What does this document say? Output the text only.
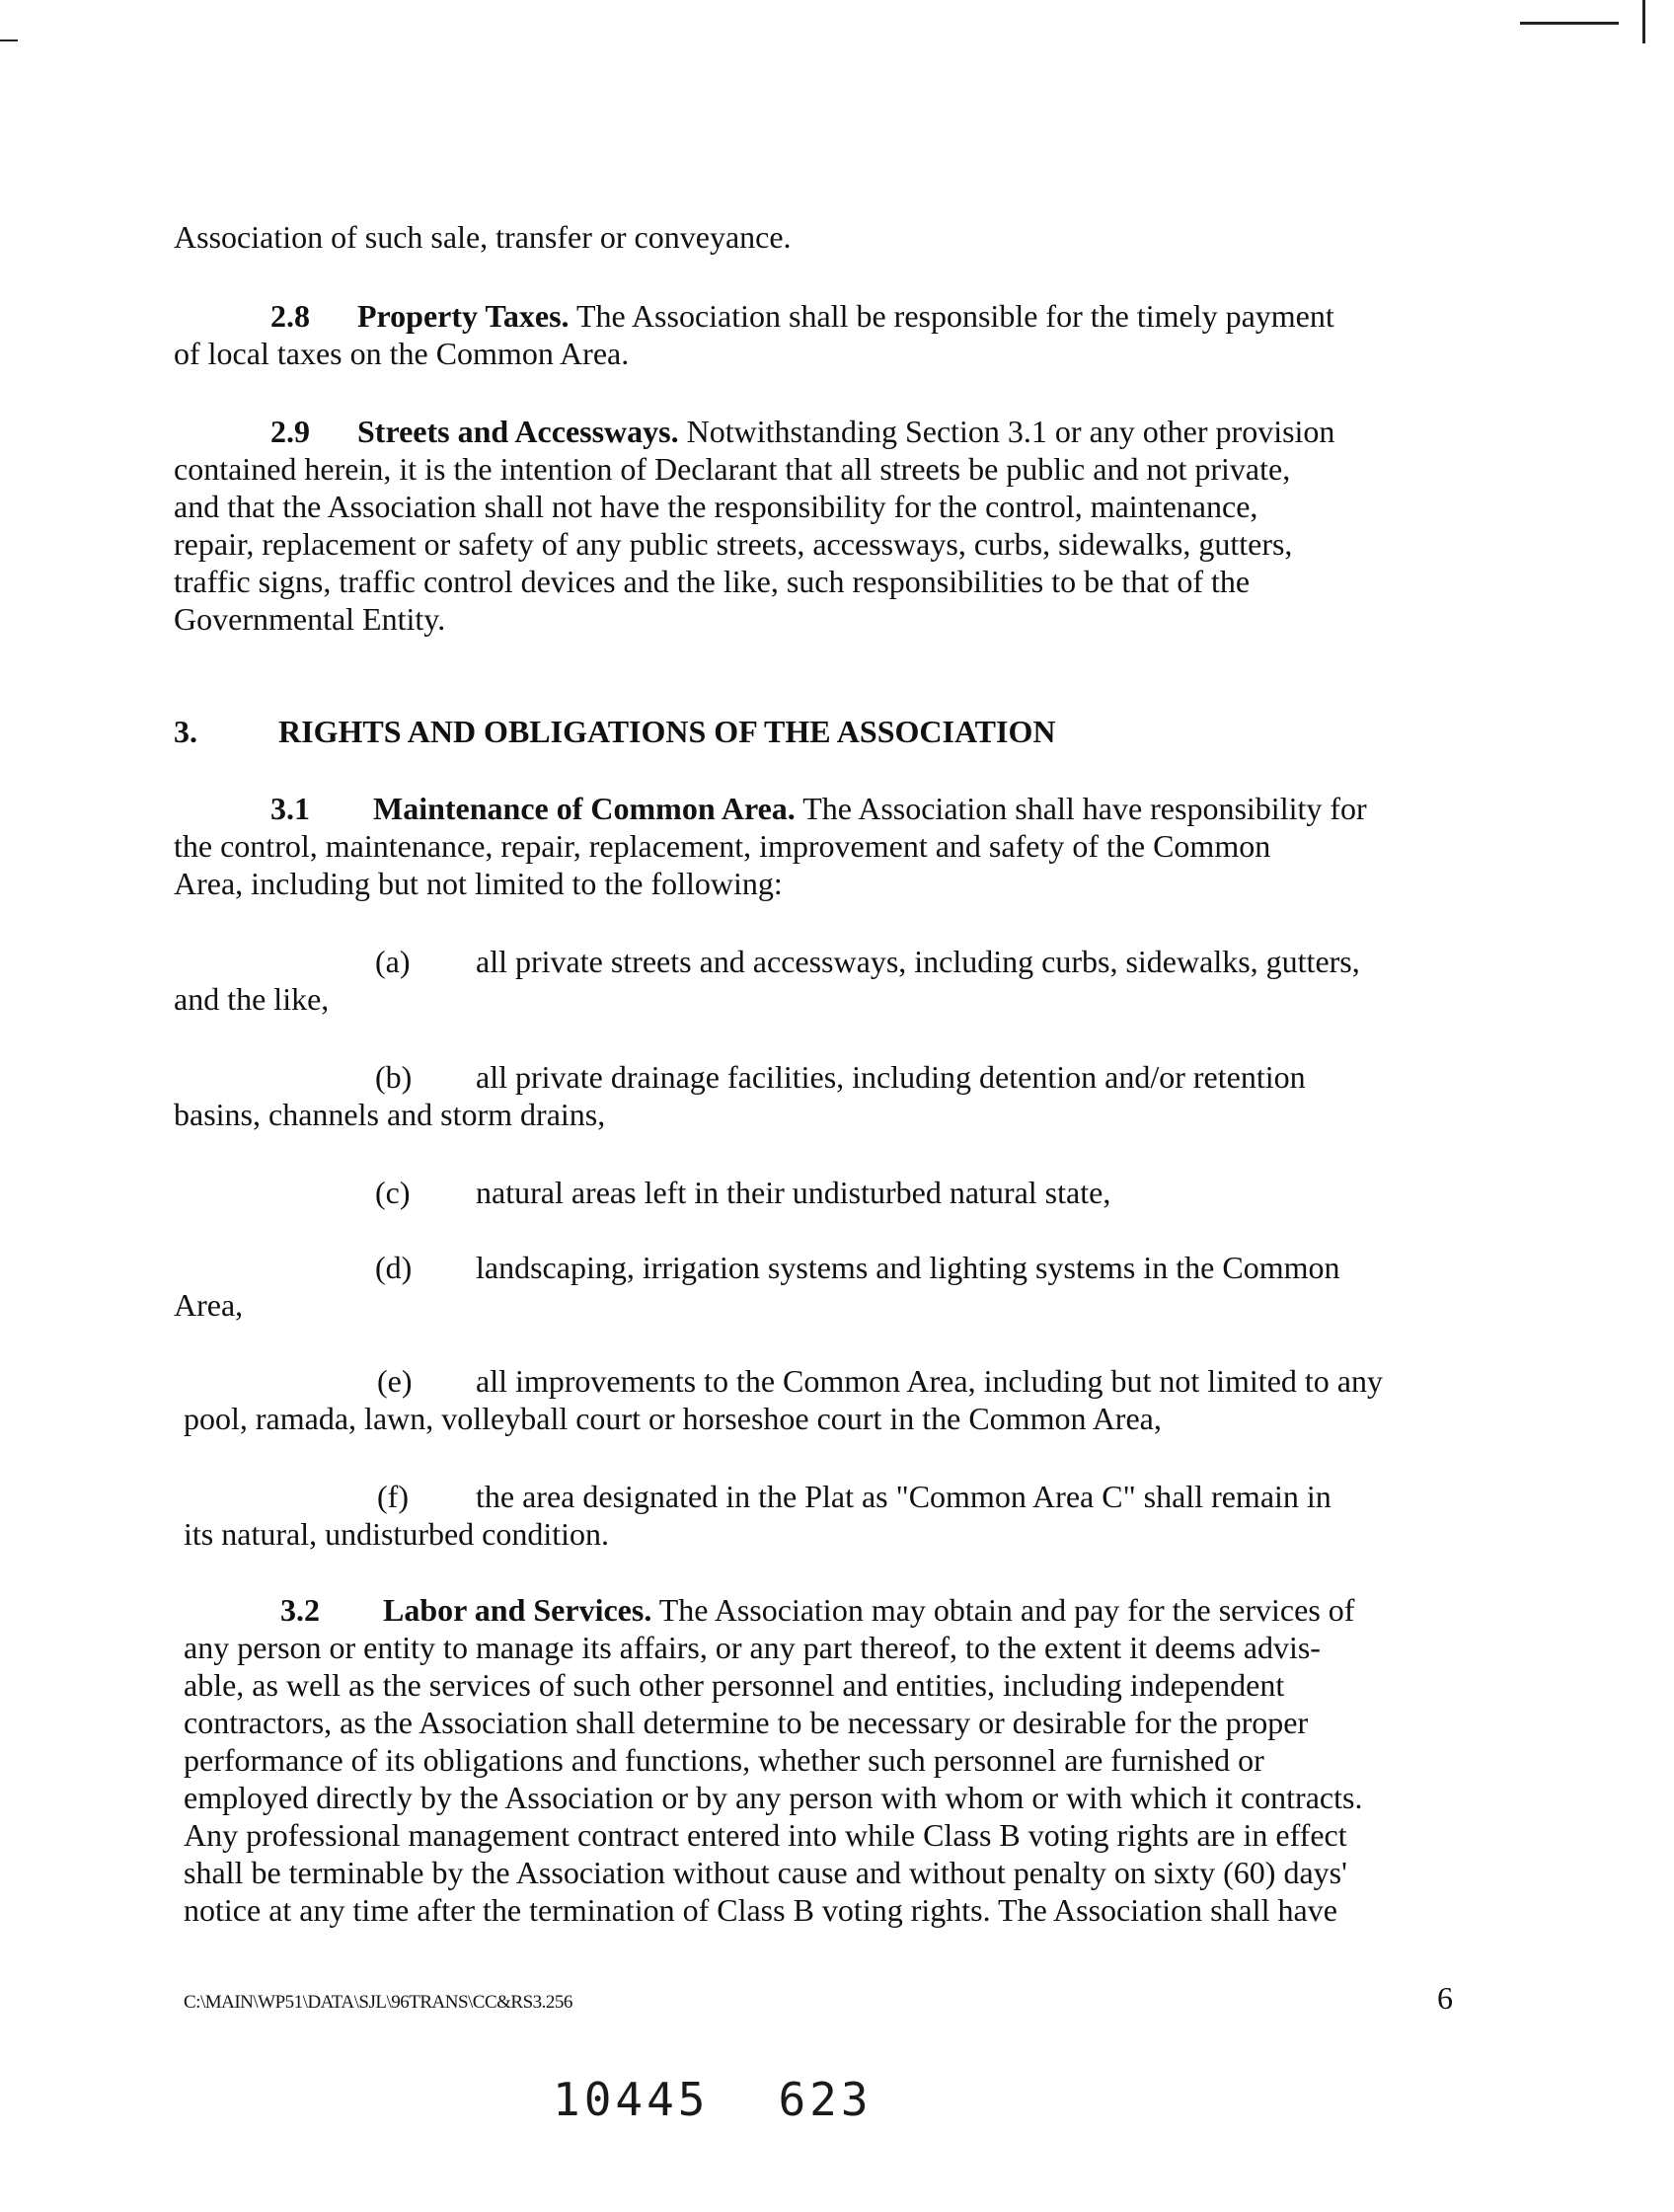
Association of such sale, transfer or conveyance.

2.8 Property Taxes. The Association shall be responsible for the timely payment

of local taxes on the Common Area.

2.9 Streets and Accessways. Notwithstanding Section 3.1 or any other provision

contained herein, it is the intention of Declarant that all streets be public and not private,

and that the Association shall not have the responsibility for the control, maintenance,

repair, replacement or safety of any public streets, accessways, curbs, sidewalks, gutters,

traffic signs, traffic control devices and the like, such responsibilities to be that of the

Governmental Entity.

3.	RIGHTS AND OBLIGATIONS OF THE ASSOCIATION

3.1 Maintenance of Common Area. The Association shall have responsibility for

the control, maintenance, repair, replacement, improvement and safety of the Common

Area, including but not limited to the following:

(a) all private streets and accessways, including curbs, sidewalks, gutters,

and the like,

(b) all private drainage facilities, including detention and/or retention

basins, channels and storm drains,

(c) natural areas left in their undisturbed natural state,

(d) landscaping, irrigation systems and lighting systems in the Common

Area,

(e) all improvements to the Common Area, including but not limited to any

pool, ramada, lawn, volleyball court or horseshoe court in the Common Area,

(f) the area designated in the Plat as "Common Area C" shall remain in

its natural, undisturbed condition.

3.2 Labor and Services. The Association may obtain and pay for the services of

any person or entity to manage its affairs, or any part thereof, to the extent it deems advis-

able, as well as the services of such other personnel and entities, including independent

contractors, as the Association shall determine to be necessary or desirable for the proper

performance of its obligations and functions, whether such personnel are furnished or

employed directly by the Association or by any person with whom or with which it contracts.

Any professional management contract entered into while Class B voting rights are in effect

shall be terminable by the Association without cause and without penalty on sixty (60) days'

notice at any time after the termination of Class B voting rights. The Association shall have

C:\MAIN\WP51\DATA\SJL\96TRANS\CC&RS3.256	6
10445 623
